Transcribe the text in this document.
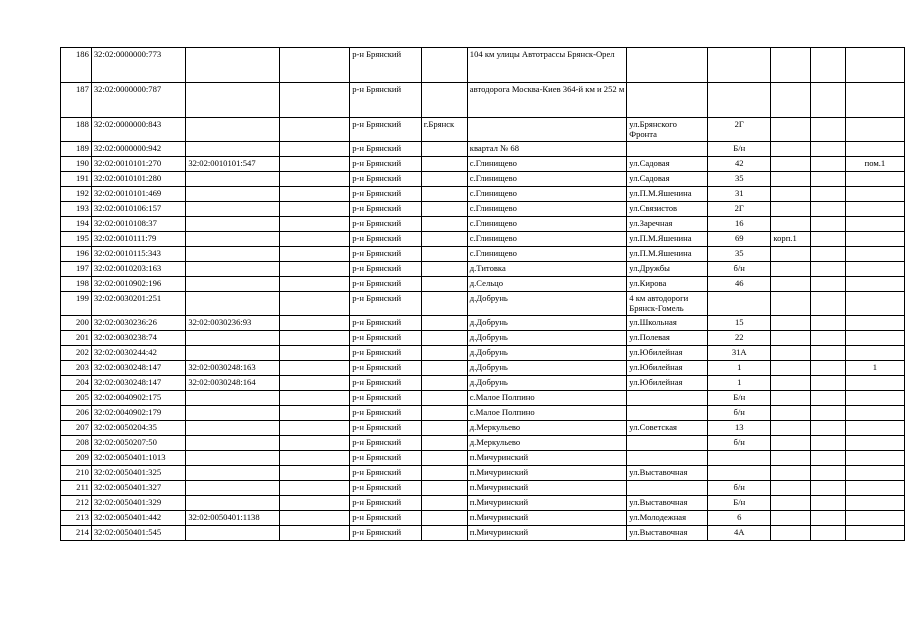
186	32:02:0000000:773			р-н Брянский		104 км улицы Автотрассы Брянск-Орел					
187	32:02:0000000:787			р-н Брянский		автодорога Москва-Киев 364-й км и 252 м					
188	32:02:0000000:843			р-н Брянский	г.Брянск		ул.Брянского Фронта	2Г			
189	32:02:0000000:942			р-н Брянский		квартал № 68		Б/н			
190	32:02:0010101:270	32:02:0010101:547		р-н Брянский		с.Глинищево	ул.Садовая	42			пом.1
191	32:02:0010101:280			р-н Брянский		с.Глинищево	ул.Садовая	35			
192	32:02:0010101:469			р-н Брянский		с.Глинищево	ул.П.М.Яшенина	31			
193	32:02:0010106:157			р-н Брянский		с.Глинищево	ул.Связистов	2Г			
194	32:02:0010108:37			р-н Брянский		с.Глинищево	ул.Заречная	16			
195	32:02:0010111:79			р-н Брянский		с.Глинищево	ул.П.М.Яшенина	69	корп.1		
196	32:02:0010115:343			р-н Брянский		с.Глинищево	ул.П.М.Яшенина	35			
197	32:02:0010203:163			р-н Брянский		д.Титовка	ул.Дружбы	б/н			
198	32:02:0010902:196			р-н Брянский		д.Сельцо	ул.Кирова	46			
199	32:02:0030201:251			р-н Брянский		д.Добрунь	4 км автодороги Брянск-Гомель				
200	32:02:0030236:26	32:02:0030236:93		р-н Брянский		д.Добрунь	ул.Школьная	15			
201	32:02:0030238:74			р-н Брянский		д.Добрунь	ул.Полевая	22			
202	32:02:0030244:42			р-н Брянский		д.Добрунь	ул.Юбилейная	31А			
203	32:02:0030248:147	32:02:0030248:163		р-н Брянский		д.Добрунь	ул.Юбилейная	1			1
204	32:02:0030248:147	32:02:0030248:164		р-н Брянский		д.Добрунь	ул.Юбилейная	1			
205	32:02:0040902:175			р-н Брянский		с.Малое Полпино		Б/н			
206	32:02:0040902:179			р-н Брянский		с.Малое Полпино		б/н			
207	32:02:0050204:35			р-н Брянский		д.Меркульево	ул.Советская	13			
208	32:02:0050207:50			р-н Брянский		д.Меркульево		б/н			
209	32:02:0050401:1013			р-н Брянский		п.Мичуринский					
210	32:02:0050401:325			р-н Брянский		п.Мичуринский	ул.Выставочная				
211	32:02:0050401:327			р-н Брянский		п.Мичуринский		б/н			
212	32:02:0050401:329			р-н Брянский		п.Мичуринский	ул.Выставочная	Б/н			
213	32:02:0050401:442	32:02:0050401:1138		р-н Брянский		п.Мичуринский	ул.Молодежная	6			
214	32:02:0050401:545			р-н Брянский		п.Мичуринский	ул.Выставочная	4А			
